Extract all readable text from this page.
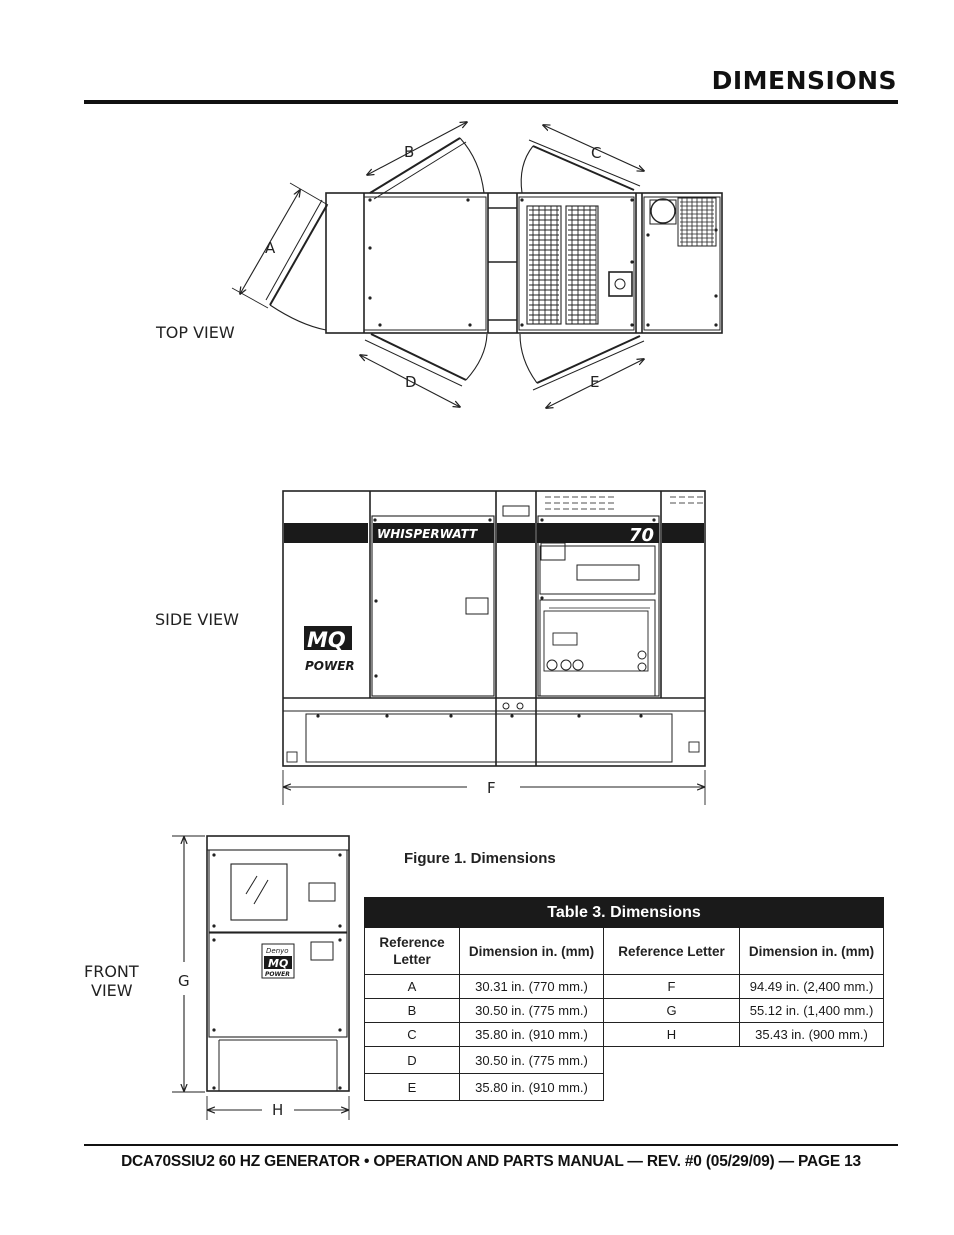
DIMENSIONS
TOP VIEW
A
B	C
D	E
WHISPERWATT	70
MQ
POWER
SIDE VIEW
F
Denyo
MQ
POWER
FRONT
VIEW	G
H
Figure 1. Dimensions
Table 3. Dimensions			
Reference Letter	Dimension in. (mm)	Reference Letter	Dimension in. (mm)
A	30.31 in. (770 mm.)	F	94.49 in. (2,400 mm.)
B	30.50 in. (775 mm.)	G	55.12 in. (1,400 mm.)
C	35.80 in. (910 mm.)	H	35.43 in. (900 mm.)
D	30.50 in. (775 mm.)		
E	35.80 in. (910 mm.)		
DCA70SSIU2 60 HZ GENERATOR • OPERATION AND PARTS MANUAL — REV. #0 (05/29/09) — PAGE 13
